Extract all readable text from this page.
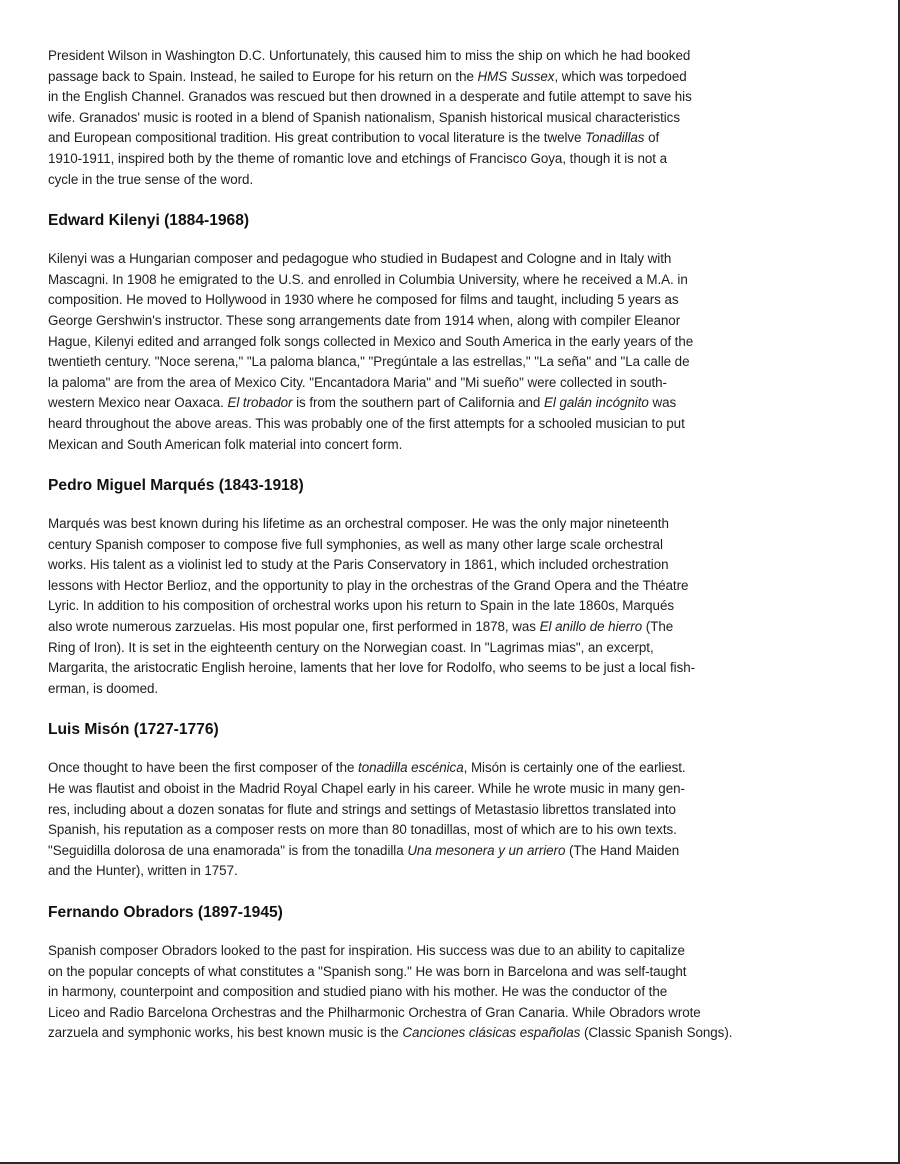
President Wilson in Washington D.C. Unfortunately, this caused him to miss the ship on which he had booked
passage back to Spain. Instead, he sailed to Europe for his return on the HMS Sussex, which was torpedoed
in the English Channel. Granados was rescued but then drowned in a desperate and futile attempt to save his
wife. Granados' music is rooted in a blend of Spanish nationalism, Spanish historical musical characteristics
and European compositional tradition. His great contribution to vocal literature is the twelve Tonadillas of
1910-1911, inspired both by the theme of romantic love and etchings of Francisco Goya, though it is not a
cycle in the true sense of the word.

Edward Kilenyi (1884-1968)

Kilenyi was a Hungarian composer and pedagogue who studied in Budapest and Cologne and in Italy with
Mascagni. In 1908 he emigrated to the U.S. and enrolled in Columbia University, where he received a M.A. in
composition. He moved to Hollywood in 1930 where he composed for films and taught, including 5 years as
George Gershwin's instructor. These song arrangements date from 1914 when, along with compiler Eleanor
Hague, Kilenyi edited and arranged folk songs collected in Mexico and South America in the early years of the
twentieth century. "Noce serena," "La paloma blanca," "Pregúntale a las estrellas," "La seña" and "La calle de
la paloma" are from the area of Mexico City. "Encantadora Maria" and "Mi sueño" were collected in south-
western Mexico near Oaxaca. El trobador is from the southern part of California and El galán incógnito was
heard throughout the above areas. This was probably one of the first attempts for a schooled musician to put
Mexican and South American folk material into concert form.

Pedro Miguel Marqués (1843-1918)

Marqués was best known during his lifetime as an orchestral composer. He was the only major nineteenth
century Spanish composer to compose five full symphonies, as well as many other large scale orchestral
works. His talent as a violinist led to study at the Paris Conservatory in 1861, which included orchestration
lessons with Hector Berlioz, and the opportunity to play in the orchestras of the Grand Opera and the Théatre
Lyric. In addition to his composition of orchestral works upon his return to Spain in the late 1860s, Marqués
also wrote numerous zarzuelas. His most popular one, first performed in 1878, was El anillo de hierro (The
Ring of Iron). It is set in the eighteenth century on the Norwegian coast. In "Lagrimas mias", an excerpt,
Margarita, the aristocratic English heroine, laments that her love for Rodolfo, who seems to be just a local fish-
erman, is doomed.

Luis Misón (1727-1776)

Once thought to have been the first composer of the tonadilla escénica, Misón is certainly one of the earliest.
He was flautist and oboist in the Madrid Royal Chapel early in his career. While he wrote music in many gen-
res, including about a dozen sonatas for flute and strings and settings of Metastasio librettos translated into
Spanish, his reputation as a composer rests on more than 80 tonadillas, most of which are to his own texts.
"Seguidilla dolorosa de una enamorada" is from the tonadilla Una mesonera y un arriero (The Hand Maiden
and the Hunter), written in 1757.

Fernando Obradors (1897-1945)

Spanish composer Obradors looked to the past for inspiration. His success was due to an ability to capitalize
on the popular concepts of what constitutes a "Spanish song." He was born in Barcelona and was self-taught
in harmony, counterpoint and composition and studied piano with his mother. He was the conductor of the
Liceo and Radio Barcelona Orchestras and the Philharmonic Orchestra of Gran Canaria. While Obradors wrote
zarzuela and symphonic works, his best known music is the Canciones clásicas españolas (Classic Spanish Songs).
